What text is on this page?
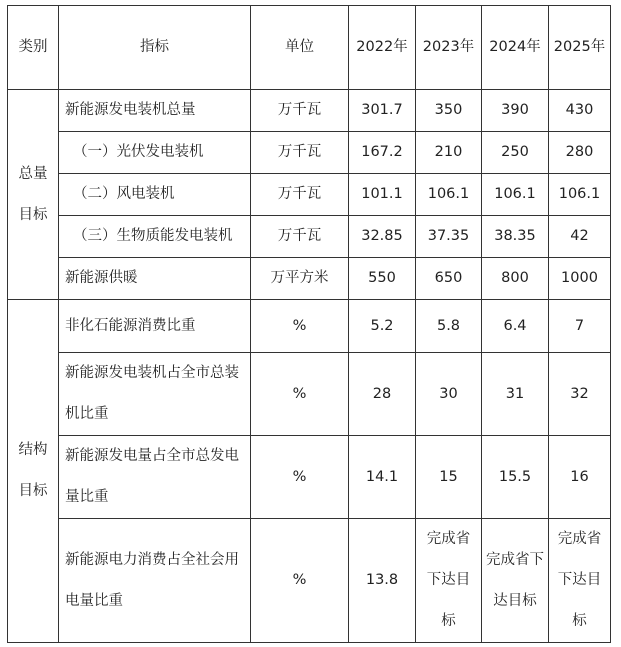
类别	指标	单位	2022年	2023年	2024年	2025年
总量目标	新能源发电装机总量	万千瓦	301.7	350	390	430
	（一）光伏发电装机	万千瓦	167.2	210	250	280
	（二）风电装机	万千瓦	101.1	106.1	106.1	106.1
	（三）生物质能发电装机	万千瓦	32.85	37.35	38.35	42
	新能源供暖	万平方米	550	650	800	1000
结构目标	非化石能源消费比重	%	5.2	5.8	6.4	7
	新能源发电装机占全市总装机比重	%	28	30	31	32
	新能源发电量占全市总发电量比重	%	14.1	15	15.5	16
	新能源电力消费占全社会用电量比重	%	13.8	完成省下达目标	完成省下达目标	完成省下达目标
